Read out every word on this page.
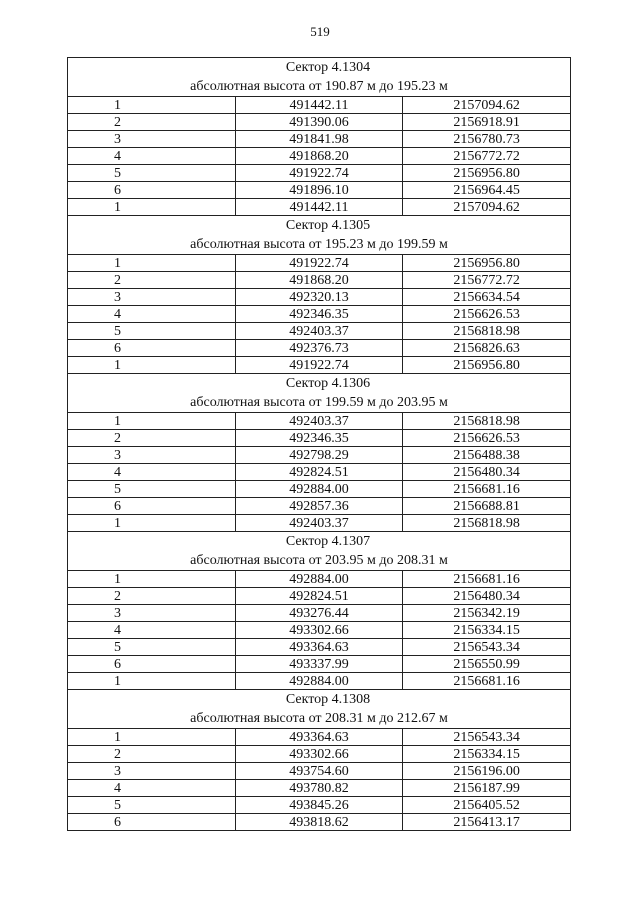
519
Сектор 4.1304
абсолютная высота от 190.87 м до 195.23 м		

1	491442.11	2157094.62
2	491390.06	2156918.91
3	491841.98	2156780.73
4	491868.20	2156772.72
5	491922.74	2156956.80
6	491896.10	2156964.45
1	491442.11	2157094.62

Сектор 4.1305
абсолютная высота от 195.23 м до 199.59 м		

1	491922.74	2156956.80
2	491868.20	2156772.72
3	492320.13	2156634.54
4	492346.35	2156626.53
5	492403.37	2156818.98
6	492376.73	2156826.63
1	491922.74	2156956.80

Сектор 4.1306
абсолютная высота от 199.59 м до 203.95 м		

1	492403.37	2156818.98
2	492346.35	2156626.53
3	492798.29	2156488.38
4	492824.51	2156480.34
5	492884.00	2156681.16
6	492857.36	2156688.81
1	492403.37	2156818.98

Сектор 4.1307
абсолютная высота от 203.95 м до 208.31 м		

1	492884.00	2156681.16
2	492824.51	2156480.34
3	493276.44	2156342.19
4	493302.66	2156334.15
5	493364.63	2156543.34
6	493337.99	2156550.99
1	492884.00	2156681.16

Сектор 4.1308
абсолютная высота от 208.31 м до 212.67 м		

1	493364.63	2156543.34
2	493302.66	2156334.15
3	493754.60	2156196.00
4	493780.82	2156187.99
5	493845.26	2156405.52
6	493818.62	2156413.17
